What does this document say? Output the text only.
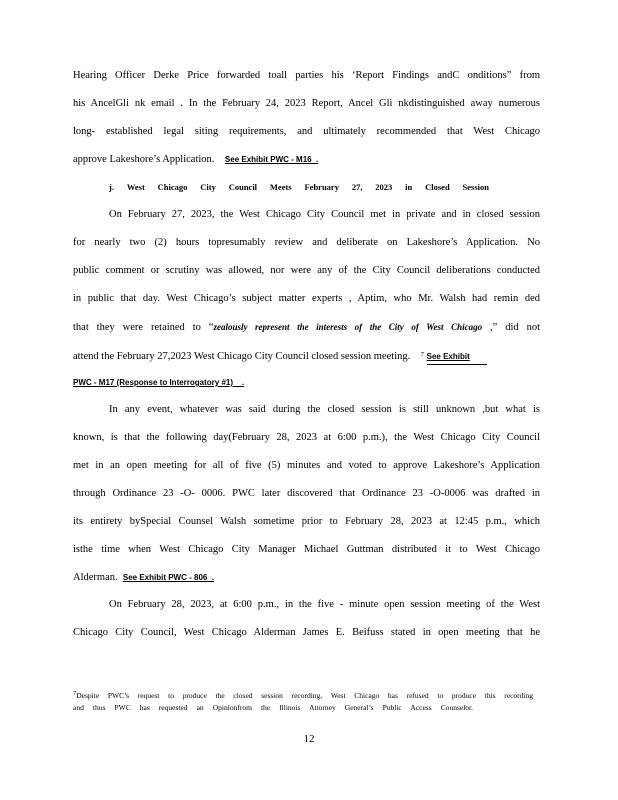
Hearing Officer Derke Price forwarded toall parties his ‘Report Findings andC onditions” from
his AncelGli nk email . In the February 24, 2023 Report, Ancel Gli nkdistinguished away numerous
long- established legal siting requirements, and ultimately recommended that West Chicago
approve Lakeshore’s Application. See Exhibit PWC - M16  .
j. West Chicago City Council Meets February 27, 2023 in Closed Session
On February 27, 2023, the West Chicago City Council met in private and in closed session
for nearly two (2) hours topresumably review and deliberate on Lakeshore’s Application. No
public comment or scrutiny was allowed, nor were any of the City Council deliberations conducted
in public that day. West Chicago’s subject matter experts , Aptim, who Mr. Walsh had remin ded
that they were retained to “zealously represent the interests of the City of West Chicago ,” did not
attend the February 27,2023 West Chicago City Council closed session meeting. $^7$ See Exhibit
PWC - M17 (Response to Interrogatory #1)    .
In any event, whatever was said during the closed session is still unknown ,but what is
known, is that the following day(February 28, 2023 at 6:00 p.m.), the West Chicago City Council
met in an open meeting for all of five (5) minutes and voted to approve Lakeshore’s Application
through Ordinance 23 -O- 0006. PWC later discovered that Ordinance 23 -O-0006 was drafted in
its entirety bySpecial Counsel Walsh sometime prior to February 28, 2023 at 12:45 p.m., which
isthe time when West Chicago City Manager Michael Guttman distributed it to West Chicago
Alderman. See Exhibit PWC - 806  .
On February 28, 2023, at 6:00 p.m., in the five - minute open session meeting of the West
Chicago City Council, West Chicago Alderman James E. Beifuss stated in open meeting that he
7Despite PWC’s request to produce the closed session recording, West Chicago has refused to produce this recording
and thus PWC has requested an Opinionfrom the Illinois Attorney General’s Public Access Counselor.
12
